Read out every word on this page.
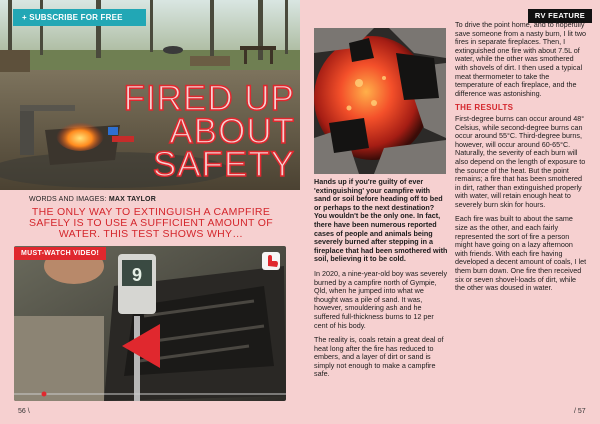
+ SUBSCRIBE FOR FREE
FIRED UP
ABOUT
SAFETY
WORDS AND IMAGES: MAX TAYLOR
THE ONLY WAY TO EXTINGUISH A CAMPFIRE SAFELY IS TO USE A SUFFICIENT AMOUNT OF WATER. THIS TEST SHOWS WHY…
9
MUST-WATCH VIDEO!
56 \
RV FEATURE

Hands up if you're guilty of ever 'extinguishing' your campfire with sand or soil before heading off to bed or perhaps to the next destination? You wouldn't be the only one. In fact, there have been numerous reported cases of people and animals being severely burned after stepping in a fireplace that had been smothered with soil, believing it to be cold.

In 2020, a nine-year-old boy was severely burned by a campfire north of Gympie, Qld, when he jumped into what we thought was a pile of sand. It was, however, smouldering ash and he suffered full-thickness burns to 12 per cent of his body.

The reality is, coals retain a great deal of heat long after the fire has reduced to embers, and a layer of dirt or sand is simply not enough to make a campfire safe.

To drive the point home, and to hopefully save someone from a nasty burn, I lit two fires in separate fireplaces. Then, I extinguished one fire with about 7.5L of water, while the other was smothered with shovels of dirt. I then used a typical meat thermometer to take the temperature of each fireplace, and the difference was astonishing.

THE RESULTS

First-degree burns can occur around 48° Celsius, while second-degree burns can occur around 55°C. Third-degree burns, however, will occur around 60-65°C. Naturally, the severity of each burn will also depend on the length of exposure to the source of the heat. But the point remains; a fire that has been smothered in dirt, rather than extinguished properly with water, will retain enough heat to severely burn skin for hours.

Each fire was built to about the same size as the other, and each fairly represented the sort of fire a person might have going on a lazy afternoon with friends. With each fire having developed a decent amount of coals, I let them burn down. One fire then received six or seven shovel-loads of dirt, while the other was doused in water.

/ 57
